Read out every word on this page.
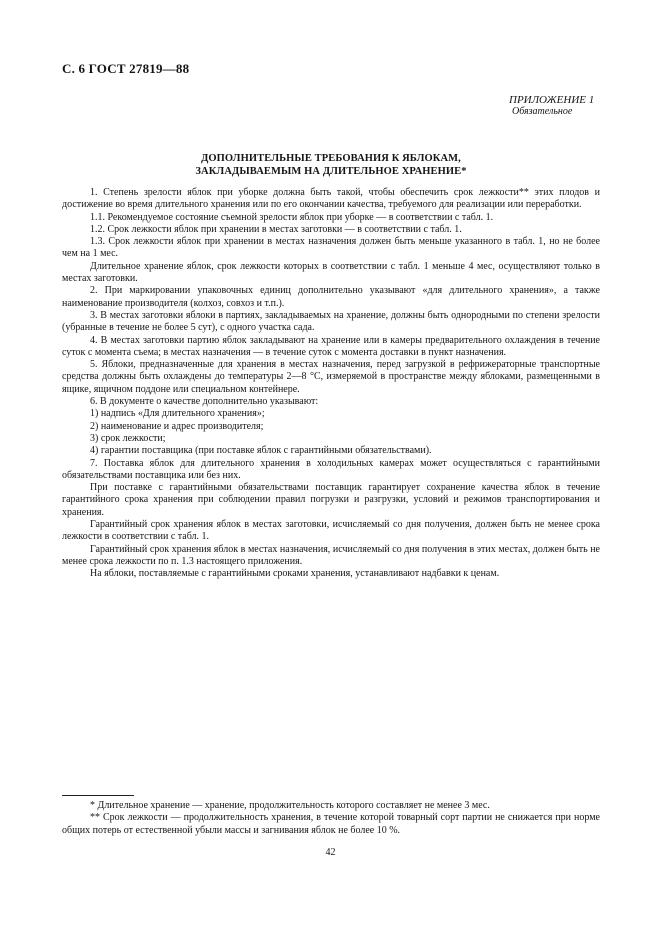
С. 6 ГОСТ 27819—88
ПРИЛОЖЕНИЕ 1
Обязательное
ДОПОЛНИТЕЛЬНЫЕ ТРЕБОВАНИЯ К ЯБЛОКАМ,
ЗАКЛАДЫВАЕМЫМ НА ДЛИТЕЛЬНОЕ ХРАНЕНИЕ*

1. Степень зрелости яблок при уборке должна быть такой, чтобы обеспечить срок лежкости** этих плодов и достижение во время длительного хранения или по его окончании качества, требуемого для реализации или переработки.

1.1. Рекомендуемое состояние съемной зрелости яблок при уборке — в соответствии с табл. 1.

1.2. Срок лежкости яблок при хранении в местах заготовки — в соответствии с табл. 1.

1.3. Срок лежкости яблок при хранении в местах назначения должен быть меньше указанного в табл. 1, но не более чем на 1 мес.

Длительное хранение яблок, срок лежкости которых в соответствии с табл. 1 меньше 4 мес, осуществляют только в местах заготовки.

2. При маркировании упаковочных единиц дополнительно указывают «для длительного хранения», а также наименование производителя (колхоз, совхоз и т.п.).

3. В местах заготовки яблоки в партиях, закладываемых на хранение, должны быть однородными по степени зрелости (убранные в течение не более 5 сут), с одного участка сада.

4. В местах заготовки партию яблок закладывают на хранение или в камеры предварительного охлаждения в течение суток с момента съема; в местах назначения — в течение суток с момента доставки в пункт назначения.

5. Яблоки, предназначенные для хранения в местах назначения, перед загрузкой в рефрижераторные транспортные средства должны быть охлаждены до температуры 2—8 °С, измеряемой в пространстве между яблоками, размещенными в ящике, ящичном поддоне или специальном контейнере.

6. В документе о качестве дополнительно указывают:

1) надпись «Для длительного хранения»;

2) наименование и адрес производителя;

3) срок лежкости;

4) гарантии поставщика (при поставке яблок с гарантийными обязательствами).

7. Поставка яблок для длительного хранения в холодильных камерах может осуществляться с гарантийными обязательствами поставщика или без них.

При поставке с гарантийными обязательствами поставщик гарантирует сохранение качества яблок в течение гарантийного срока хранения при соблюдении правил погрузки и разгрузки, условий и режимов транспортирования и хранения.

Гарантийный срок хранения яблок в местах заготовки, исчисляемый со дня получения, должен быть не менее срока лежкости в соответствии с табл. 1.

Гарантийный срок хранения яблок в местах назначения, исчисляемый со дня получения в этих местах, должен быть не менее срока лежкости по п. 1.3 настоящего приложения.

На яблоки, поставляемые с гарантийными сроками хранения, устанавливают надбавки к ценам.

* Длительное хранение — хранение, продолжительность которого составляет не менее 3 мес.

** Срок лежкости — продолжительность хранения, в течение которой товарный сорт партии не снижается при норме общих потерь от естественной убыли массы и загнивания яблок не более 10 %.

42
